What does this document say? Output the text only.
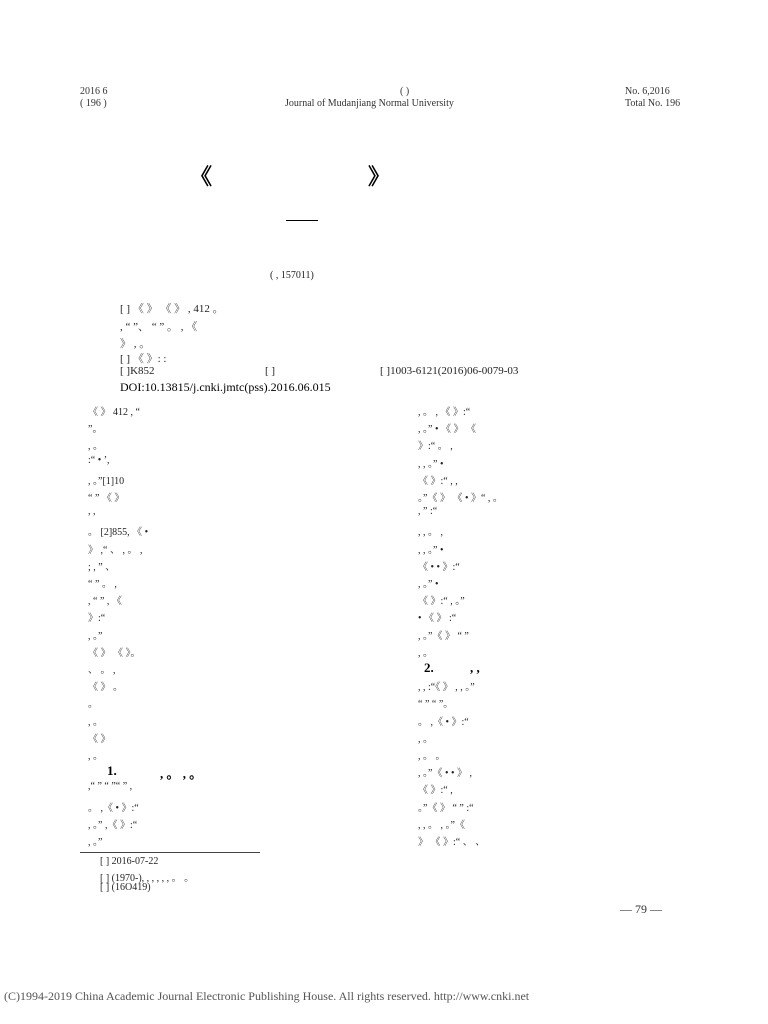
2016 6
( 196 )
( )
Journal of Mudanjiang Normal University
No. 6,2016
Total No. 196
《	》
( , 157011)
[ ] 《 》 《 》 , 412 。
, “ ”、 “ ” 。 , 《
》 , 。
[ ] 《 》: :
[ ]K852	[ ]	[ ]1003-6121(2016)06-0079-03
DOI:10.13815/j.cnki.jmtc(pss).2016.06.015
《 》 412 , “
”。
, 。
:“ • ’,
, 。”[1]10
“ ” 《 》
, ,
。 [2]855, 《 •
》 ,“ 、 , 。 ,
; , ” 、
“ ” 。 ,
, “ ” , 《
》:“
, 。”
《 》 《 》。
、 。 ,
《 》 。
。
, 。
《 》
, 。
,“ ” “ ”“ ” ,
。 ,《 • 》:“
, 。” ,《 》:“
, 。”
, 。 , 《 》:“
, 。” • 《 》 《
》:“ 。 ,
, , 。” •
《 》:“ , ,
。”《 》 《 • 》“ , 。
, ” :“
, , 。 ,
, , 。” •
《 • • 》:“
, 。” •
《 》:“ , 。”
• 《 》 :“
, 。”《 》 “ ”
, 。
, , :“《 》 , , 。”
“ ” “ ”。
。 ,《 • 》:“
, 。
, 。 。
, 。”《 • • 》 ,
《 》:“ ,
。”《 》 “ ” :“
, , 。 , 。”《
》 《 》:“ 、 、
1.	, 。 , 。
2.	, ,
[ ] 2016-07-22
[ ] (1970-), , , , , , 。 。
[ ] (16O419)
— 79 —
(C)1994-2019 China Academic Journal Electronic Publishing House. All rights reserved. http://www.cnki.net
